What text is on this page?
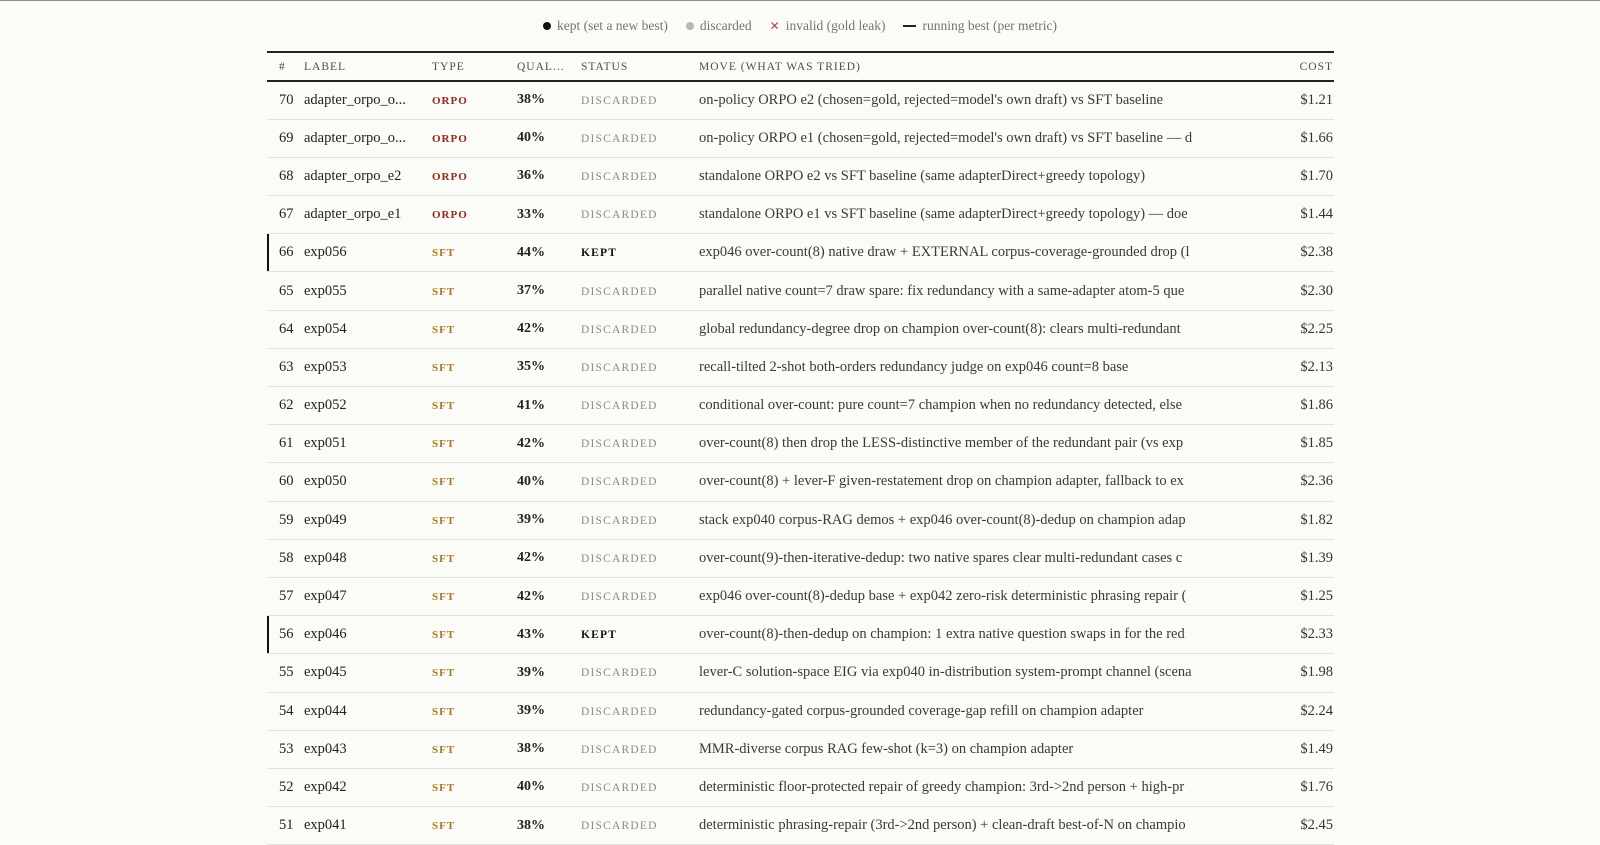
kept (set a new best) discarded ✕ invalid (gold leak)	running best (per metric)
#	LABEL	TYPE	QUAL...	STATUS	MOVE (WHAT WAS TRIED)	COST
70	adapter_orpo_o...	ORPO	38%	DISCARDED	on-policy ORPO e2 (chosen=gold, rejected=model's own draft) vs SFT baseline	$1.21
69	adapter_orpo_o...	ORPO	40%	DISCARDED	on-policy ORPO e1 (chosen=gold, rejected=model's own draft) vs SFT baseline — d	$1.66
68	adapter_orpo_e2	ORPO	36%	DISCARDED	standalone ORPO e2 vs SFT baseline (same adapterDirect+greedy topology)	$1.70
67	adapter_orpo_e1	ORPO	33%	DISCARDED	standalone ORPO e1 vs SFT baseline (same adapterDirect+greedy topology) — doe	$1.44
66	exp056	SFT	44%	KEPT	exp046 over-count(8) native draw + EXTERNAL corpus-coverage-grounded drop (l	$2.38
65	exp055	SFT	37%	DISCARDED	parallel native count=7 draw spare: fix redundancy with a same-adapter atom-5 que	$2.30
64	exp054	SFT	42%	DISCARDED	global redundancy-degree drop on champion over-count(8): clears multi-redundant	$2.25
63	exp053	SFT	35%	DISCARDED	recall-tilted 2-shot both-orders redundancy judge on exp046 count=8 base	$2.13
62	exp052	SFT	41%	DISCARDED	conditional over-count: pure count=7 champion when no redundancy detected, else	$1.86
61	exp051	SFT	42%	DISCARDED	over-count(8) then drop the LESS-distinctive member of the redundant pair (vs exp	$1.85
60	exp050	SFT	40%	DISCARDED	over-count(8) + lever-F given-restatement drop on champion adapter, fallback to ex	$2.36
59	exp049	SFT	39%	DISCARDED	stack exp040 corpus-RAG demos + exp046 over-count(8)-dedup on champion adap	$1.82
58	exp048	SFT	42%	DISCARDED	over-count(9)-then-iterative-dedup: two native spares clear multi-redundant cases c	$1.39
57	exp047	SFT	42%	DISCARDED	exp046 over-count(8)-dedup base + exp042 zero-risk deterministic phrasing repair (	$1.25
56	exp046	SFT	43%	KEPT	over-count(8)-then-dedup on champion: 1 extra native question swaps in for the red	$2.33
55	exp045	SFT	39%	DISCARDED	lever-C solution-space EIG via exp040 in-distribution system-prompt channel (scena	$1.98
54	exp044	SFT	39%	DISCARDED	redundancy-gated corpus-grounded coverage-gap refill on champion adapter	$2.24
53	exp043	SFT	38%	DISCARDED	MMR-diverse corpus RAG few-shot (k=3) on champion adapter	$1.49
52	exp042	SFT	40%	DISCARDED	deterministic floor-protected repair of greedy champion: 3rd->2nd person + high-pr	$1.76
51	exp041	SFT	38%	DISCARDED	deterministic phrasing-repair (3rd->2nd person) + clean-draft best-of-N on champio	$2.45
